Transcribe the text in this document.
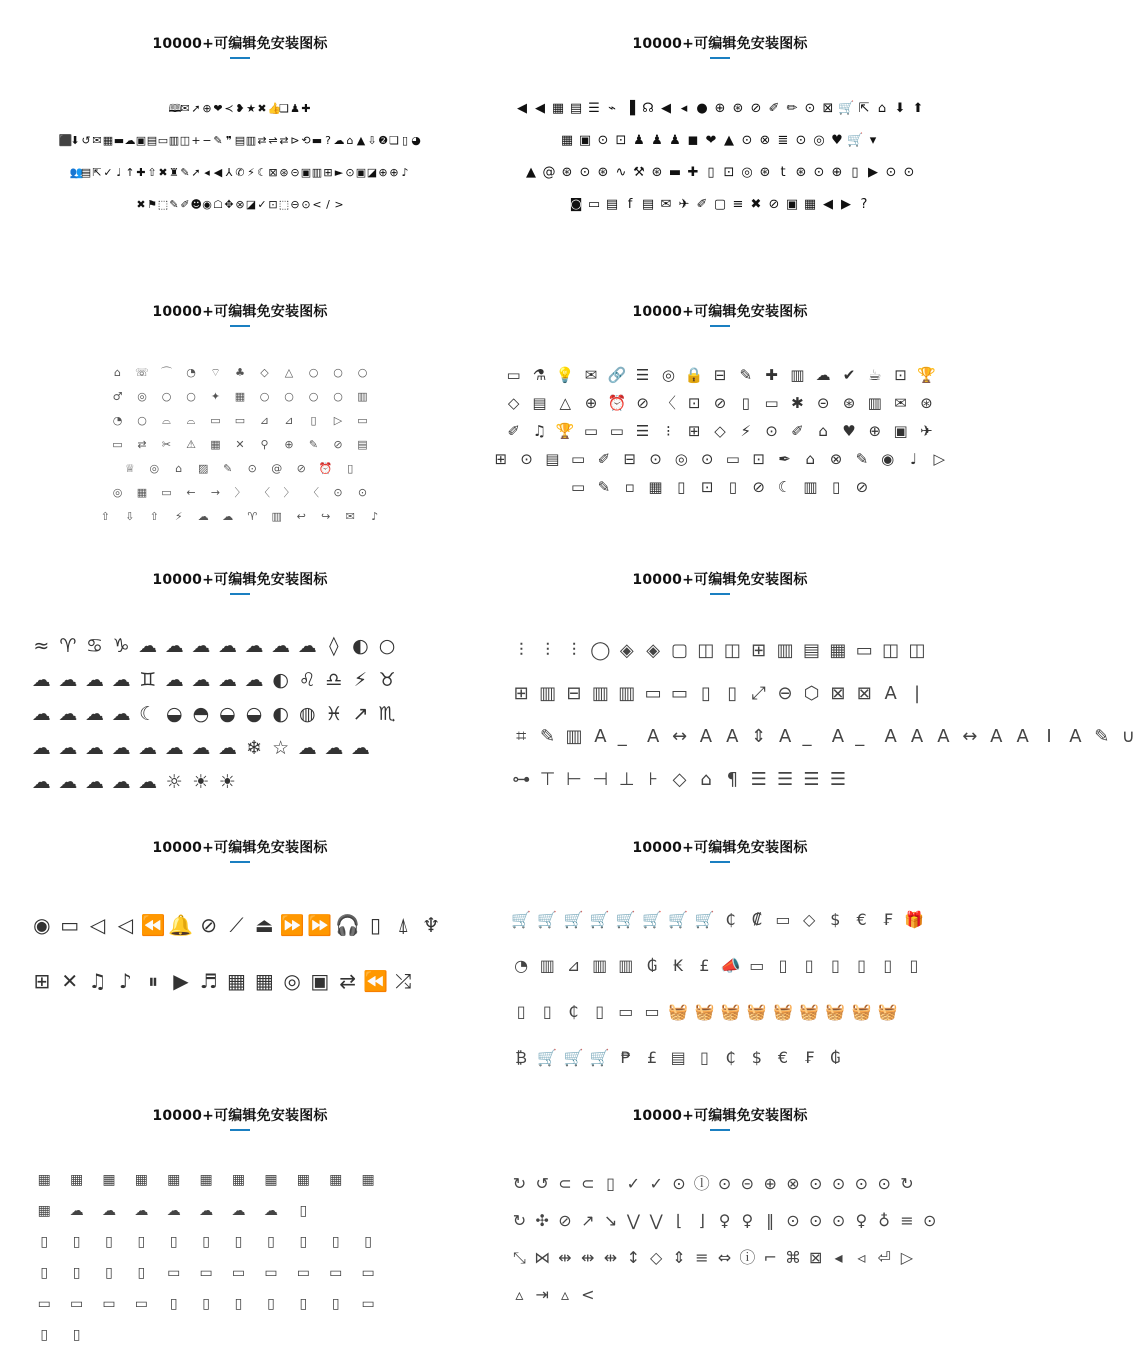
10000+可编辑免安装图标
🕮✉ ➚ ⊕ ❤ ≺ ❥★✖👍❏♟✚
⬛⬇ ↺ ✉▦▬☁▣▤▭▥◫+ − ✎ ❞ ▤▥⇄ ⇌ ⇄ ⊳ ⟲▬ ? ☁ ⌂ ▲ ⇩❷❏ ▯ ◕
👥▤⇱ ✓ ♩ ↑ ✚ ⇧ ✖♜✎ ➚ ◂ ◀ ⅄ ✆ ⚡ ☾⊠ ⊛ ⊝▣▥⊞ ► ⊙▣◪⊕ ⊕ ♪
✖⚑⬚✎ ✐☻◉☖✥ ⊗◪✓ ⊡⬚⊖ ⊙ < / >
10000+可编辑免安装图标
◀ ◀ ▦ ▤ ☰ ⌁ ▐ ☊ ◀ ◂ ● ⊕ ⊛ ⊘ ✐ ✏ ⊙ ⊠ 🛒 ⇱ ⌂ ⬇ ⬆
▦ ▣ ⊙ ⊡ ♟ ♟ ♟ ◼ ❤ ▲ ⊙ ⊗ ≣ ⊙ ◎ ♥ 🛒 ▾
▲ @ ⊛ ⊙ ⊛ ∿ ⚒ ⊛ ▬ ✚ ▯ ⊡ ◎ ⊛ t ⊛ ⊙ ⊕ ▯ ▶ ⊙ ⊙
◙ ▭ ▤ f ▤ ✉ ✈ ✐ ▢ ≡ ✖ ⊘ ▣ ▦ ◀ ▶ ?
10000+可编辑免安装图标
⌂ ☏ ⌒ ◔ ⌔ ♣ ◇ △ ○ ○ ○
♂ ◎ ○ ○ ✦ ▦ ○ ○ ○ ○ ▥
◔ ○ ⌓ ⌓ ▭ ▭ ⊿ ⊿ ▯ ▷ ▭
▭ ⇄ ✂ ⚠ ▦ ✕ ⚲ ⊕ ✎ ⊘ ▤
♕ ◎ ⌂ ▨ ✎ ⊙ @ ⊘ ⏰ ▯
◎ ▦ ▭ ← → 〉 〈 〉 〈 ⊙ ⊙
⇧ ⇩ ⇧ ⚡ ☁ ☁ ♈ ▥ ↩ ↪ ✉ ♪
10000+可编辑免安装图标
▭ ⚗ 💡 ✉ 🔗 ☰ ◎ 🔒 ⊟ ✎ ✚ ▥ ☁ ✔ ☕ ⊡ 🏆
◇ ▤ △ ⊕ ⏰ ⊘ 〈 ⊡ ⊘ ▯ ▭ ✱ ⊝ ⊛ ▥ ✉ ⊛
✐ ♫ 🏆 ▭ ▭ ☰ ⁝ ⊞ ◇ ⚡ ⊙ ✐ ⌂ ♥ ⊕ ▣ ✈
⊞ ⊙ ▤ ▭ ✐ ⊟ ⊙ ◎ ⊙ ▭ ⊡ ✒ ⌂ ⊗ ✎ ◉ ♩ ▷
▭ ✎ ▫ ▦ ▯ ⊡ ▯ ⊘ ☾ ▥ ▯ ⊘
10000+可编辑免安装图标
≈ ♈ ♋ ♑ ☁ ☁ ☁ ☁ ☁ ☁ ☁ ◊ ◐ ○
☁ ☁ ☁ ☁ ♊ ☁ ☁ ☁ ☁ ◐ ♌ ♎ ⚡ ♉
☁ ☁ ☁ ☁ ☾ ◒ ◓ ◒ ◒ ◐ ◍ ♓ ↗ ♏
☁ ☁ ☁ ☁ ☁ ☁ ☁ ☁ ❄ ☆ ☁ ☁ ☁
☁ ☁ ☁ ☁ ☁ ☼ ☀ ☀
10000+可编辑免安装图标
⫶ ⫶ ⫶ ◯ ◈ ◈ ▢ ◫ ◫ ⊞ ▥ ▤ ▦ ▭ ◫ ◫
⊞ ▥ ⊟ ▥ ▥ ▭ ▭ ▯ ▯ ⤢ ⊖ ⬡ ⊠ ⊠ A |
⌗ ✎ ▥ A A ↔ A A ⇕ A A A A A ↔ A A I A ✎ ∪
⊶ ⊤ ⊢ ⊣ ⊥ ⊦ ◇ ⌂ ¶ ☰ ☰ ☰ ☰
10000+可编辑免安装图标
◉ ▭ ◁ ◁ ⏪ 🔔 ⊘ ⟋ ⏏ ⏩ ⏩ 🎧 ▯ ⍋ ♆
⊞ ✕ ♫ ♪ ⏸ ▶ ♬ ▦ ▦ ◎ ▣ ⇄ ⏪ ⤮
10000+可编辑免安装图标
🛒 🛒 🛒 🛒 🛒 🛒 🛒 🛒 ₵ ₡ ▭ ◇ $ € ₣ 🎁
◔ ▥ ⊿ ▥ ▥ ₲ ₭ £ 📣 ▭ ▯ ▯ ▯ ▯ ▯ ▯
▯ ▯ ₵ ▯ ▭ ▭ 🧺 🧺 🧺 🧺 🧺 🧺 🧺 🧺 🧺
₿ 🛒 🛒 🛒 ₱ £ ▤ ▯ ₵ $ € ₣ ₲
10000+可编辑免安装图标
▦ ▦ ▦ ▦ ▦ ▦ ▦ ▦ ▦ ▦ ▦
▦ ☁ ☁ ☁ ☁ ☁ ☁ ☁ ▯
▯ ▯ ▯ ▯ ▯ ▯ ▯ ▯ ▯ ▯ ▯
▯ ▯ ▯ ▯ ▭ ▭ ▭ ▭ ▭ ▭ ▭
▭ ▭ ▭ ▭ ▯ ▯ ▯ ▯ ▯ ▯ ▭
▯ ▯
10000+可编辑免安装图标
↻ ↺ ⊂ ⊂ ▯ ✓ ✓ ⊙ ⓛ ⊙ ⊝ ⊕ ⊗ ⊙ ⊙ ⊙ ⊙ ↻
↻ ✣ ⊘ ↗ ↘ ⋁ ⋁ ⌊ ⌋ ♀ ♀ ‖ ⊙ ⊙ ⊙ ♀ ♁ ≡ ⊙
⤡ ⋈ ⇹ ⇹ ⇹ ↕ ◇ ⇕ ≡ ⇔ ⓘ ⌐ ⌘ ⊠ ◂ ◃ ⏎ ▷
▵ ⇥ ▵ <
